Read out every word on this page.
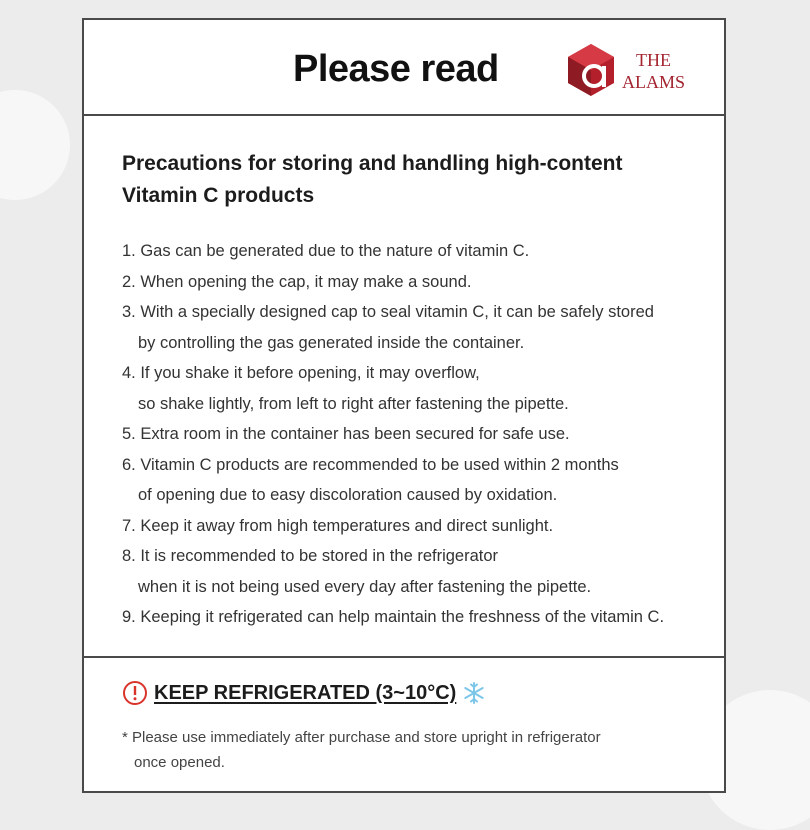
Please read	THE
ALAMS
Precautions for storing and handling high-content
Vitamin C products
1. Gas can be generated due to the nature of vitamin C.
2. When opening the cap, it may make a sound.
3. With a specially designed cap to seal vitamin C, it can be safely stored
by controlling the gas generated inside the container.
4. If you shake it before opening, it may overflow,
so shake lightly, from left to right after fastening the pipette.
5. Extra room in the container has been secured for safe use.
6. Vitamin C products are recommended to be used within 2 months
of opening due to easy discoloration caused by oxidation.
7. Keep it away from high temperatures and direct sunlight.
8. It is recommended to be stored in the refrigerator
when it is not being used every day after fastening the pipette.
9. Keeping it refrigerated can help maintain the freshness of the vitamin C.
KEEP REFRIGERATED (3~10°C)
* Please use immediately after purchase and store upright in refrigerator
once opened.
